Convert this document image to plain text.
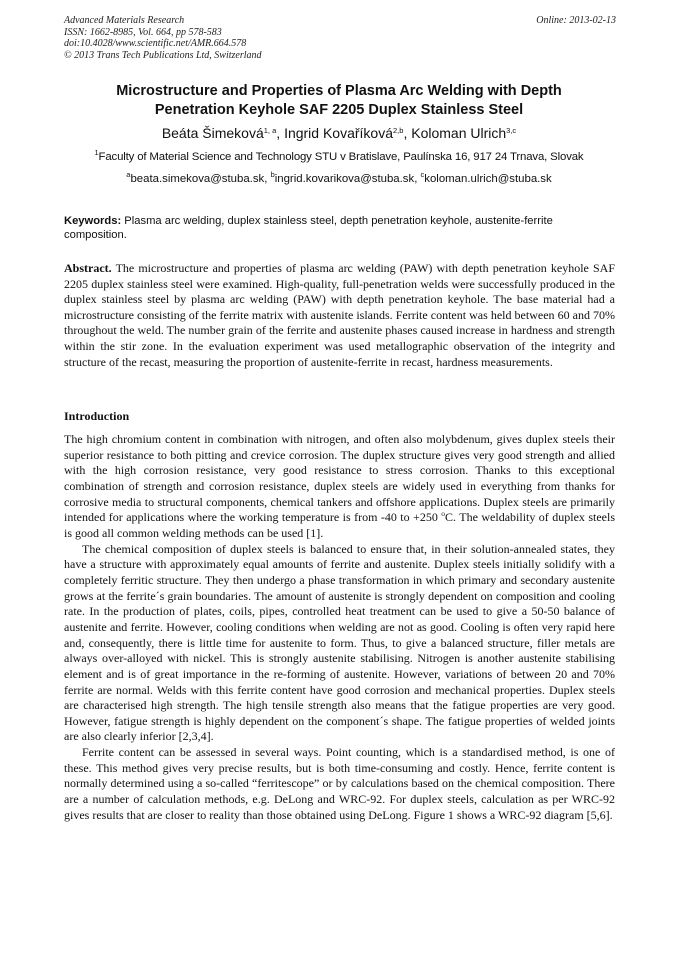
Advanced Materials Research
ISSN: 1662-8985, Vol. 664, pp 578-583
doi:10.4028/www.scientific.net/AMR.664.578
© 2013 Trans Tech Publications Ltd, Switzerland
Online: 2013-02-13
Microstructure and Properties of Plasma Arc Welding with Depth
Penetration Keyhole SAF 2205 Duplex Stainless Steel
Beáta Šimeková$^{1, a}$, Ingrid Kovaříková$^{2,b}$, Koloman Ulrich$^{3,c}$
$^1$Faculty of Material Science and Technology STU v Bratislave, Paulínska 16, 917 24 Trnava, Slovak
$^a$beata.simekova@stuba.sk, $^b$ingrid.kovarikova@stuba.sk, $^c$koloman.ulrich@stuba.sk
Keywords: Plasma arc welding, duplex stainless steel, depth penetration keyhole, austenite-ferrite composition.
Abstract. The microstructure and properties of plasma arc welding (PAW) with depth penetration keyhole SAF 2205 duplex stainless steel were examined. High-quality, full-penetration welds were successfully produced in the duplex stainless steel by plasma arc welding (PAW) with depth penetration keyhole. The base material had a microstructure consisting of the ferrite matrix with austenite islands. Ferrite content was held between 60 and 70% throughout the weld. The number grain of the ferrite and austenite phases caused increase in hardness and strength within the stir zone. In the evaluation experiment was used metallographic observation of the integrity and structure of the recast, measuring the proportion of austenite-ferrite in recast, hardness measurements.
Introduction

The high chromium content in combination with nitrogen, and often also molybdenum, gives duplex steels their superior resistance to both pitting and crevice corrosion. The duplex structure gives very good strength and allied with the high corrosion resistance, very good resistance to stress corrosion. Thanks to this exceptional combination of strength and corrosion resistance, duplex steels are widely used in everything from thanks for corrosive media to structural components, chemical tankers and offshore applications. Duplex steels are primarily intended for applications where the working temperature is from -40 to +250 $^o$C. The weldability of duplex steels is good all common welding methods can be used [1].

The chemical composition of duplex steels is balanced to ensure that, in their solution-annealed states, they have a structure with approximately equal amounts of ferrite and austenite. Duplex steels initially solidify with a completely ferritic structure. They then undergo a phase transformation in which primary and secondary austenite grows at the ferrite´s grain boundaries. The amount of austenite is strongly dependent on composition and cooling rate. In the production of plates, coils, pipes, controlled heat treatment can be used to give a 50-50 balance of austenite and ferrite. However, cooling conditions when welding are not as good. Cooling is often very rapid here and, consequently, there is little time for austenite to form. Thus, to give a balanced structure, filler metals are always over-alloyed with nickel. This is strongly austenite stabilising. Nitrogen is another austenite stabilising element and is of great importance in the re-forming of austenite. However, variations of between 20 and 70% ferrite are normal. Welds with this ferrite content have good corrosion and mechanical properties. Duplex steels are characterised high strength. The high tensile strength also means that the fatigue properties are very good. However, fatigue strength is highly dependent on the component´s shape. The fatigue properties of welded joints are also clearly inferior [2,3,4].

Ferrite content can be assessed in several ways. Point counting, which is a standardised method, is one of these. This method gives very precise results, but is both time-consuming and costly. Hence, ferrite content is normally determined using a so-called “ferritescope” or by calculations based on the chemical composition. There are a number of calculation methods, e.g. DeLong and WRC-92. For duplex steels, calculation as per WRC-92 gives results that are closer to reality than those obtained using DeLong. Figure 1 shows a WRC-92 diagram [5,6].
